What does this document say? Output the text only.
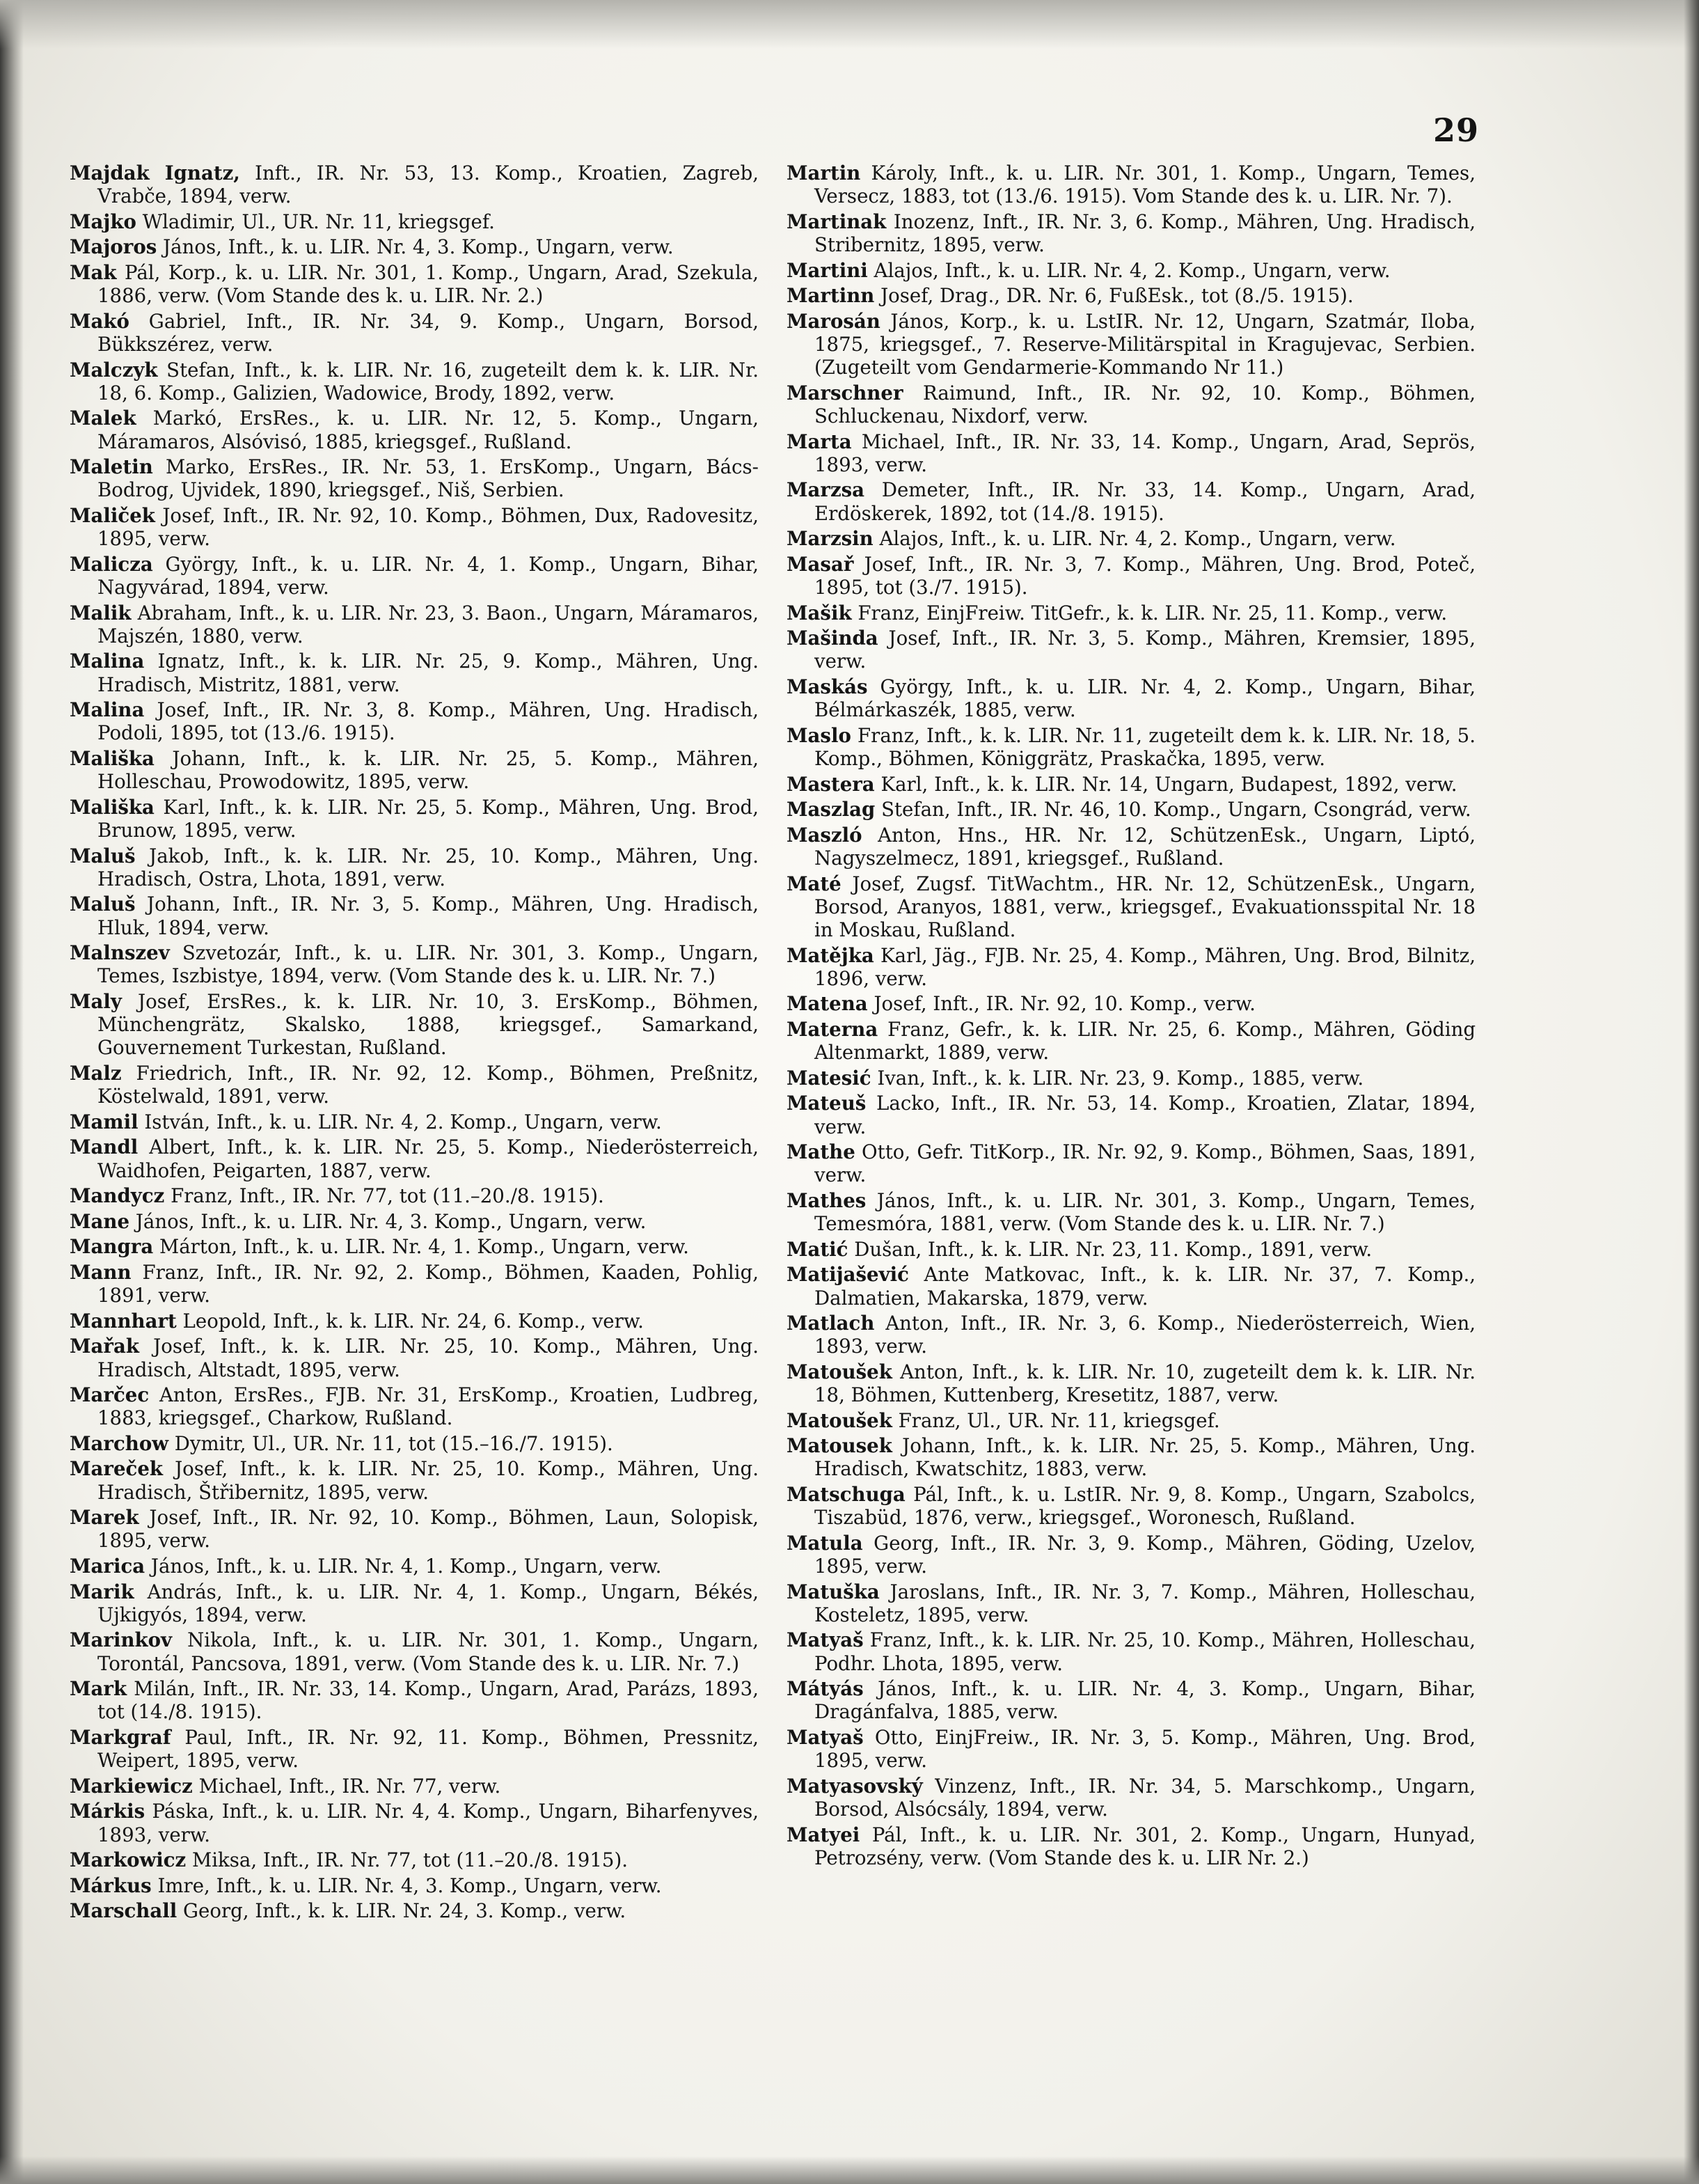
29

Majdak Ignatz, Inft., IR. Nr. 53, 13. Komp., Kroatien, Zagreb, Vrabče, 1894, verw.

Majko Wladimir, Ul., UR. Nr. 11, kriegsgef.

Majoros János, Inft., k. u. LIR. Nr. 4, 3. Komp., Ungarn, verw.

Mak Pál, Korp., k. u. LIR. Nr. 301, 1. Komp., Ungarn, Arad, Szekula, 1886, verw. (Vom Stande des k. u. LIR. Nr. 2.)

Makó Gabriel, Inft., IR. Nr. 34, 9. Komp., Ungarn, Borsod, Bükkszérez, verw.

Malczyk Stefan, Inft., k. k. LIR. Nr. 16, zugeteilt dem k. k. LIR. Nr. 18, 6. Komp., Galizien, Wadowice, Brody, 1892, verw.

Malek Markó, ErsRes., k. u. LIR. Nr. 12, 5. Komp., Ungarn, Máramaros, Alsóvisó, 1885, kriegsgef., Rußland.

Maletin Marko, ErsRes., IR. Nr. 53, 1. ErsKomp., Ungarn, Bács-Bodrog, Ujvidek, 1890, kriegsgef., Niš, Serbien.

Maliček Josef, Inft., IR. Nr. 92, 10. Komp., Böhmen, Dux, Radovesitz, 1895, verw.

Malicza György, Inft., k. u. LIR. Nr. 4, 1. Komp., Ungarn, Bihar, Nagyvárad, 1894, verw.

Malik Abraham, Inft., k. u. LIR. Nr. 23, 3. Baon., Ungarn, Máramaros, Majszén, 1880, verw.

Malina Ignatz, Inft., k. k. LIR. Nr. 25, 9. Komp., Mähren, Ung. Hradisch, Mistritz, 1881, verw.

Malina Josef, Inft., IR. Nr. 3, 8. Komp., Mähren, Ung. Hradisch, Podoli, 1895, tot (13./6. 1915).

Mališka Johann, Inft., k. k. LIR. Nr. 25, 5. Komp., Mähren, Holleschau, Prowodowitz, 1895, verw.

Mališka Karl, Inft., k. k. LIR. Nr. 25, 5. Komp., Mähren, Ung. Brod, Brunow, 1895, verw.

Maluš Jakob, Inft., k. k. LIR. Nr. 25, 10. Komp., Mähren, Ung. Hradisch, Ostra, Lhota, 1891, verw.

Maluš Johann, Inft., IR. Nr. 3, 5. Komp., Mähren, Ung. Hradisch, Hluk, 1894, verw.

Malnszev Szvetozár, Inft., k. u. LIR. Nr. 301, 3. Komp., Ungarn, Temes, Iszbistye, 1894, verw. (Vom Stande des k. u. LIR. Nr. 7.)

Maly Josef, ErsRes., k. k. LIR. Nr. 10, 3. ErsKomp., Böhmen, Münchengrätz, Skalsko, 1888, kriegsgef., Samarkand, Gouvernement Turkestan, Rußland.

Malz Friedrich, Inft., IR. Nr. 92, 12. Komp., Böhmen, Preßnitz, Köstelwald, 1891, verw.

Mamil István, Inft., k. u. LIR. Nr. 4, 2. Komp., Ungarn, verw.

Mandl Albert, Inft., k. k. LIR. Nr. 25, 5. Komp., Niederösterreich, Waidhofen, Peigarten, 1887, verw.

Mandycz Franz, Inft., IR. Nr. 77, tot (11.–20./8. 1915).

Mane János, Inft., k. u. LIR. Nr. 4, 3. Komp., Ungarn, verw.

Mangra Márton, Inft., k. u. LIR. Nr. 4, 1. Komp., Ungarn, verw.

Mann Franz, Inft., IR. Nr. 92, 2. Komp., Böhmen, Kaaden, Pohlig, 1891, verw.

Mannhart Leopold, Inft., k. k. LIR. Nr. 24, 6. Komp., verw.

Mařak Josef, Inft., k. k. LIR. Nr. 25, 10. Komp., Mähren, Ung. Hradisch, Altstadt, 1895, verw.

Marčec Anton, ErsRes., FJB. Nr. 31, ErsKomp., Kroatien, Ludbreg, 1883, kriegsgef., Charkow, Rußland.

Marchow Dymitr, Ul., UR. Nr. 11, tot (15.–16./7. 1915).

Mareček Josef, Inft., k. k. LIR. Nr. 25, 10. Komp., Mähren, Ung. Hradisch, Štřibernitz, 1895, verw.

Marek Josef, Inft., IR. Nr. 92, 10. Komp., Böhmen, Laun, Solopisk, 1895, verw.

Marica János, Inft., k. u. LIR. Nr. 4, 1. Komp., Ungarn, verw.

Marik András, Inft., k. u. LIR. Nr. 4, 1. Komp., Ungarn, Békés, Ujkigyós, 1894, verw.

Marinkov Nikola, Inft., k. u. LIR. Nr. 301, 1. Komp., Ungarn, Torontál, Pancsova, 1891, verw. (Vom Stande des k. u. LIR. Nr. 7.)

Mark Milán, Inft., IR. Nr. 33, 14. Komp., Ungarn, Arad, Parázs, 1893, tot (14./8. 1915).

Markgraf Paul, Inft., IR. Nr. 92, 11. Komp., Böhmen, Pressnitz, Weipert, 1895, verw.

Markiewicz Michael, Inft., IR. Nr. 77, verw.

Márkis Páska, Inft., k. u. LIR. Nr. 4, 4. Komp., Ungarn, Biharfenyves, 1893, verw.

Markowicz Miksa, Inft., IR. Nr. 77, tot (11.–20./8. 1915).

Márkus Imre, Inft., k. u. LIR. Nr. 4, 3. Komp., Ungarn, verw.

Marschall Georg, Inft., k. k. LIR. Nr. 24, 3. Komp., verw.

Martin Károly, Inft., k. u. LIR. Nr. 301, 1. Komp., Ungarn, Temes, Versecz, 1883, tot (13./6. 1915). Vom Stande des k. u. LIR. Nr. 7).

Martinak Inozenz, Inft., IR. Nr. 3, 6. Komp., Mähren, Ung. Hradisch, Stribernitz, 1895, verw.

Martini Alajos, Inft., k. u. LIR. Nr. 4, 2. Komp., Ungarn, verw.

Martinn Josef, Drag., DR. Nr. 6, FußEsk., tot (8./5. 1915).

Marosán János, Korp., k. u. LstIR. Nr. 12, Ungarn, Szatmár, Iloba, 1875, kriegsgef., 7. Reserve-Militärspital in Kragujevac, Serbien. (Zugeteilt vom Gendarmerie-Kommando Nr 11.)

Marschner Raimund, Inft., IR. Nr. 92, 10. Komp., Böhmen, Schluckenau, Nixdorf, verw.

Marta Michael, Inft., IR. Nr. 33, 14. Komp., Ungarn, Arad, Seprös, 1893, verw.

Marzsa Demeter, Inft., IR. Nr. 33, 14. Komp., Ungarn, Arad, Erdöskerek, 1892, tot (14./8. 1915).

Marzsin Alajos, Inft., k. u. LIR. Nr. 4, 2. Komp., Ungarn, verw.

Masař Josef, Inft., IR. Nr. 3, 7. Komp., Mähren, Ung. Brod, Poteč, 1895, tot (3./7. 1915).

Mašik Franz, EinjFreiw. TitGefr., k. k. LIR. Nr. 25, 11. Komp., verw.

Mašinda Josef, Inft., IR. Nr. 3, 5. Komp., Mähren, Kremsier, 1895, verw.

Maskás György, Inft., k. u. LIR. Nr. 4, 2. Komp., Ungarn, Bihar, Bélmárkaszék, 1885, verw.

Maslo Franz, Inft., k. k. LIR. Nr. 11, zugeteilt dem k. k. LIR. Nr. 18, 5. Komp., Böhmen, Königgrätz, Praskačka, 1895, verw.

Mastera Karl, Inft., k. k. LIR. Nr. 14, Ungarn, Budapest, 1892, verw.

Maszlag Stefan, Inft., IR. Nr. 46, 10. Komp., Ungarn, Csongrád, verw.

Maszló Anton, Hns., HR. Nr. 12, SchützenEsk., Ungarn, Liptó, Nagyszelmecz, 1891, kriegsgef., Rußland.

Maté Josef, Zugsf. TitWachtm., HR. Nr. 12, SchützenEsk., Ungarn, Borsod, Aranyos, 1881, verw., kriegsgef., Evakuationsspital Nr. 18 in Moskau, Rußland.

Matějka Karl, Jäg., FJB. Nr. 25, 4. Komp., Mähren, Ung. Brod, Bilnitz, 1896, verw.

Matena Josef, Inft., IR. Nr. 92, 10. Komp., verw.

Materna Franz, Gefr., k. k. LIR. Nr. 25, 6. Komp., Mähren, Göding Altenmarkt, 1889, verw.

Matesić Ivan, Inft., k. k. LIR. Nr. 23, 9. Komp., 1885, verw.

Mateuš Lacko, Inft., IR. Nr. 53, 14. Komp., Kroatien, Zlatar, 1894, verw.

Mathe Otto, Gefr. TitKorp., IR. Nr. 92, 9. Komp., Böhmen, Saas, 1891, verw.

Mathes János, Inft., k. u. LIR. Nr. 301, 3. Komp., Ungarn, Temes, Temesmóra, 1881, verw. (Vom Stande des k. u. LIR. Nr. 7.)

Matić Dušan, Inft., k. k. LIR. Nr. 23, 11. Komp., 1891, verw.

Matijašević Ante Matkovac, Inft., k. k. LIR. Nr. 37, 7. Komp., Dalmatien, Makarska, 1879, verw.

Matlach Anton, Inft., IR. Nr. 3, 6. Komp., Niederösterreich, Wien, 1893, verw.

Matoušek Anton, Inft., k. k. LIR. Nr. 10, zugeteilt dem k. k. LIR. Nr. 18, Böhmen, Kuttenberg, Kresetitz, 1887, verw.

Matoušek Franz, Ul., UR. Nr. 11, kriegsgef.

Matousek Johann, Inft., k. k. LIR. Nr. 25, 5. Komp., Mähren, Ung. Hradisch, Kwatschitz, 1883, verw.

Matschuga Pál, Inft., k. u. LstIR. Nr. 9, 8. Komp., Ungarn, Szabolcs, Tiszabüd, 1876, verw., kriegsgef., Woronesch, Rußland.

Matula Georg, Inft., IR. Nr. 3, 9. Komp., Mähren, Göding, Uzelov, 1895, verw.

Matuška Jaroslans, Inft., IR. Nr. 3, 7. Komp., Mähren, Holleschau, Kosteletz, 1895, verw.

Matyaš Franz, Inft., k. k. LIR. Nr. 25, 10. Komp., Mähren, Holleschau, Podhr. Lhota, 1895, verw.

Mátyás János, Inft., k. u. LIR. Nr. 4, 3. Komp., Ungarn, Bihar, Dragánfalva, 1885, verw.

Matyaš Otto, EinjFreiw., IR. Nr. 3, 5. Komp., Mähren, Ung. Brod, 1895, verw.

Matyasovský Vinzenz, Inft., IR. Nr. 34, 5. Marschkomp., Ungarn, Borsod, Alsócsály, 1894, verw.

Matyei Pál, Inft., k. u. LIR. Nr. 301, 2. Komp., Ungarn, Hunyad, Petrozsény, verw. (Vom Stande des k. u. LIR Nr. 2.)
